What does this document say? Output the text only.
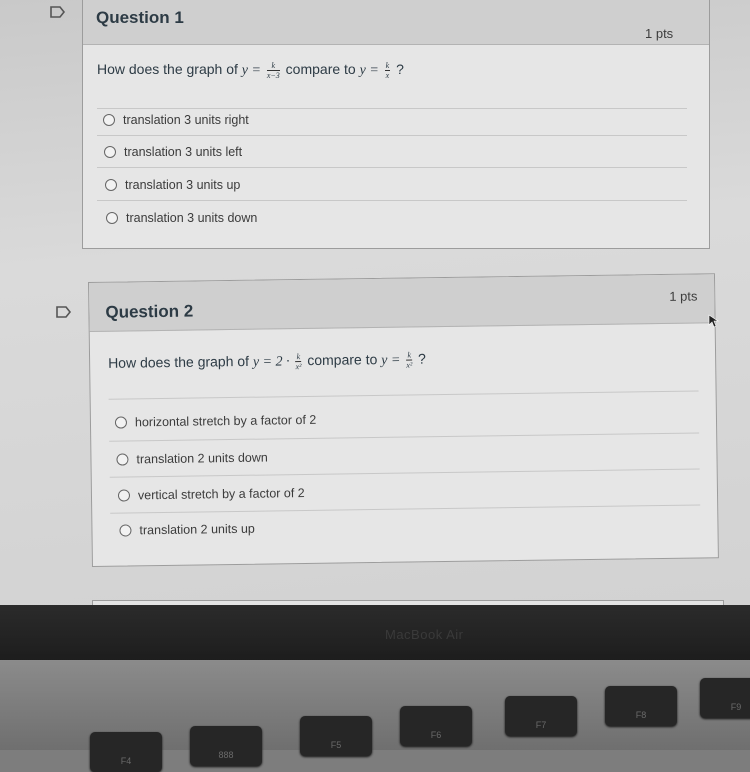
Question 1
1 pts
How does the graph of $y = \frac{k}{x-3}$ compare to $y = \frac{k}{x}$ ?
translation 3 units right
translation 3 units left
translation 3 units up
translation 3 units down
Question 2
1 pts
How does the graph of $y = 2 \cdot \frac{k}{\text{x²}}$ compare to $y = \frac{k}{\text{x²}}$ ?
horizontal stretch by a factor of 2
translation 2 units down
vertical stretch by a factor of 2
translation 2 units up
MacBook Air
F4
888
F5
F6
F7
F8
F9
